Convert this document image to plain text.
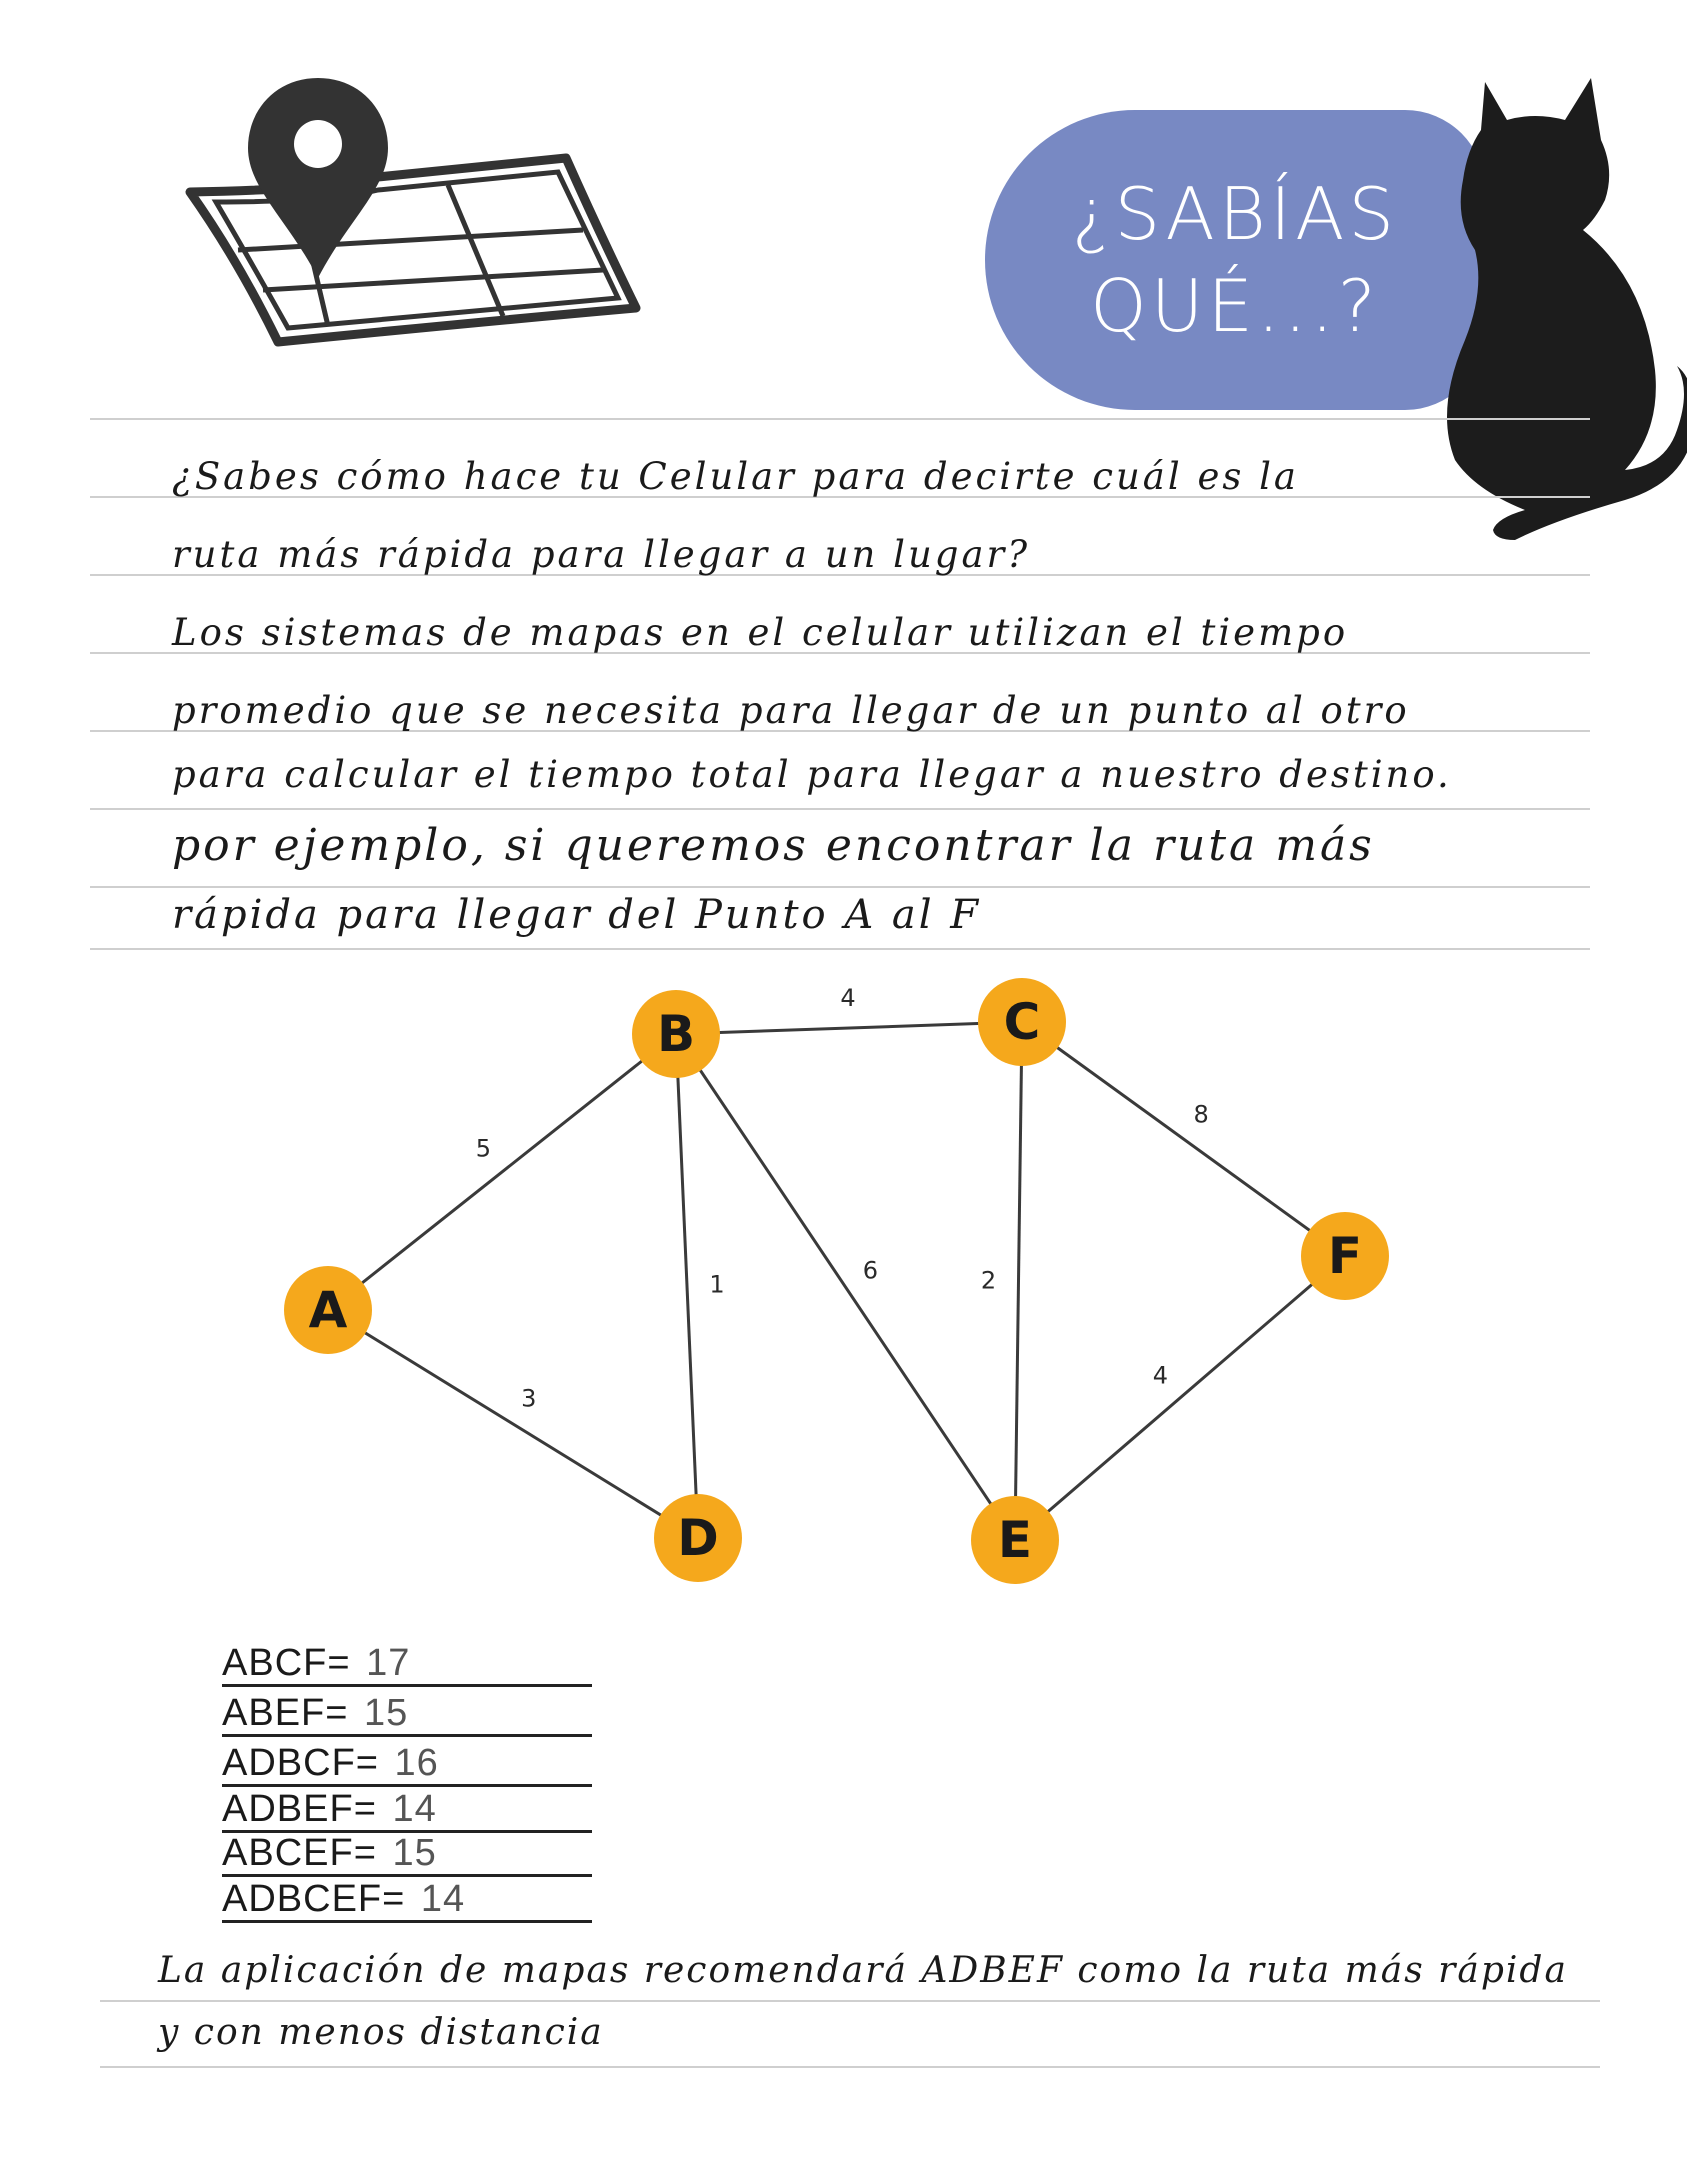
¿SABÍAS
QUÉ...?
¿Sabes cómo hace tu Celular para decirte cuál es la
ruta más rápida para llegar a un lugar?
Los sistemas de mapas en el celular utilizan el tiempo
promedio que se necesita para llegar de un punto al otro
para calcular el tiempo total para llegar a nuestro destino.
por ejemplo, si queremos encontrar la ruta más
rápida para llegar del Punto A al F
5
3
4
1
6	2
8
4
A
B	C
D	E
F
ABCF= 17
ABEF= 15
ADBCF= 16
ADBEF= 14
ABCEF= 15
ADBCEF= 14
La aplicación de mapas recomendará ADBEF como la ruta más rápida
y con menos distancia
